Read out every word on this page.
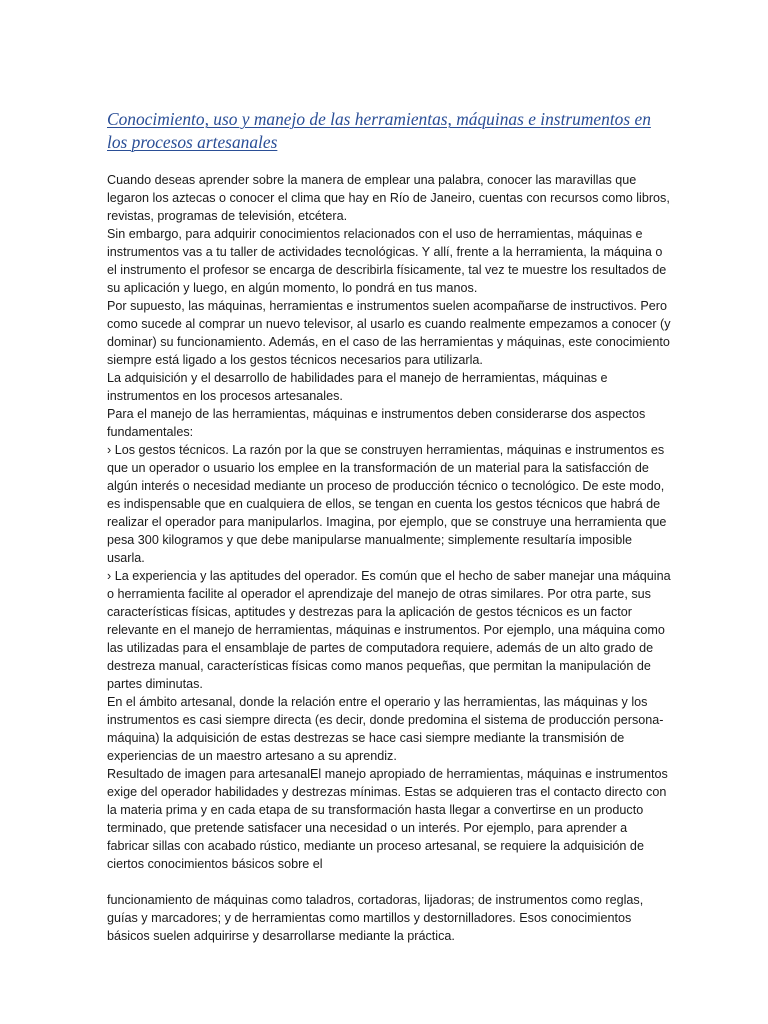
Conocimiento, uso y manejo de las herramientas, máquinas e instrumentos en los procesos artesanales

Cuando deseas aprender sobre la manera de emplear una palabra, conocer las maravillas que legaron los aztecas o conocer el clima que hay en Río de Janeiro, cuentas con recursos como libros, revistas, programas de televisión, etcétera.

Sin embargo, para adquirir conocimientos relacionados con el uso de herramientas, máquinas e instrumentos vas a tu taller de actividades tecnológicas. Y allí, frente a la herramienta, la máquina o el instrumento el profesor se encarga de describirla físicamente, tal vez te muestre los resultados de su aplicación y luego, en algún momento, lo pondrá en tus manos.

Por supuesto, las máquinas, herramientas e instrumentos suelen acompañarse de instructivos. Pero como sucede al comprar un nuevo televisor, al usarlo es cuando realmente empezamos a conocer (y dominar) su funcionamiento. Además, en el caso de las herramientas y máquinas, este conocimiento siempre está ligado a los gestos técnicos necesarios para utilizarla.

La adquisición y el desarrollo de habilidades para el manejo de herramientas, máquinas e instrumentos en los procesos artesanales.

Para el manejo de las herramientas, máquinas e instrumentos deben considerarse dos aspectos fundamentales:

› Los gestos técnicos. La razón por la que se construyen herramientas, máquinas e instrumentos es que un operador o usuario los emplee en la transformación de un material para la satisfacción de algún interés o necesidad mediante un proceso de producción técnico o tecnológico. De este modo, es indispensable que en cualquiera de ellos, se tengan en cuenta los gestos técnicos que habrá de realizar el operador para manipularlos. Imagina, por ejemplo, que se construye una herramienta que pesa 300 kilogramos y que debe manipularse manualmente; simplemente resultaría imposible usarla.

› La experiencia y las aptitudes del operador. Es común que el hecho de saber manejar una máquina o herramienta facilite al operador el aprendizaje del manejo de otras similares. Por otra parte, sus características físicas, aptitudes y destrezas para la aplicación de gestos técnicos es un factor relevante en el manejo de herramientas, máquinas e instrumentos. Por ejemplo, una máquina como las utilizadas para el ensamblaje de partes de computadora requiere, además de un alto grado de destreza manual, características físicas como manos pequeñas, que permitan la manipulación de partes diminutas.

En el ámbito artesanal, donde la relación entre el operario y las herramientas, las máquinas y los instrumentos es casi siempre directa (es decir, donde predomina el sistema de producción persona-máquina) la adquisición de estas destrezas se hace casi siempre mediante la transmisión de experiencias de un maestro artesano a su aprendiz.

Resultado de imagen para artesanalEl manejo apropiado de herramientas, máquinas e instrumentos exige del operador habilidades y destrezas mínimas. Estas se adquieren tras el contacto directo con la materia prima y en cada etapa de su transformación hasta llegar a convertirse en un producto terminado, que pretende satisfacer una necesidad o un interés. Por ejemplo, para aprender a fabricar sillas con acabado rústico, mediante un proceso artesanal, se requiere la adquisición de ciertos conocimientos básicos sobre el

funcionamiento de máquinas como taladros, cortadoras, lijadoras; de instrumentos como reglas, guías y marcadores; y de herramientas como martillos y destornilladores. Esos conocimientos básicos suelen adquirirse y desarrollarse mediante la práctica.
